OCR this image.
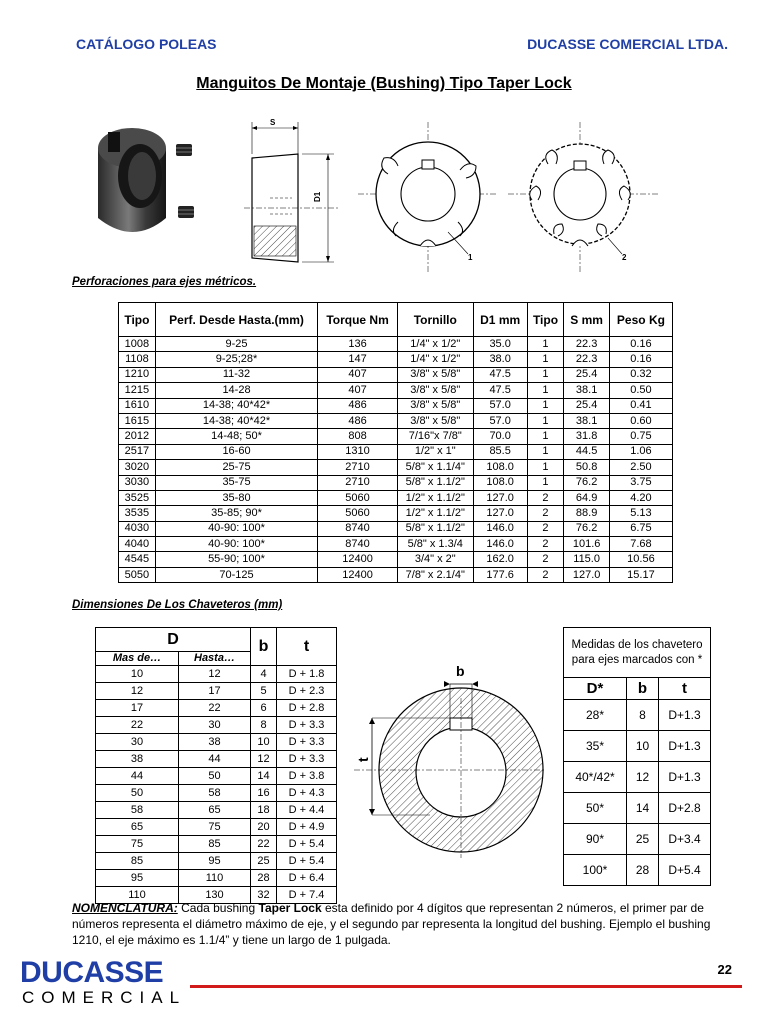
CATÁLOGO POLEAS	DUCASSE COMERCIAL LTDA.
Manguitos De Montaje (Bushing) Tipo Taper Lock
S
D1
1	2
Perforaciones para ejes métricos.
Tipo	Perf. Desde Hasta.(mm)	Torque Nm	Tornillo	D1 mm	Tipo	S mm	Peso Kg
1008	9-25	136	1/4" x 1/2"	35.0	1	22.3	0.16
1108	9-25;28*	147	1/4" x 1/2"	38.0	1	22.3	0.16
1210	11-32	407	3/8" x 5/8"	47.5	1	25.4	0.32
1215	14-28	407	3/8" x 5/8"	47.5	1	38.1	0.50
1610	14-38; 40*42*	486	3/8" x 5/8"	57.0	1	25.4	0.41
1615	14-38; 40*42*	486	3/8" x 5/8"	57.0	1	38.1	0.60
2012	14-48; 50*	808	7/16"x 7/8"	70.0	1	31.8	0.75
2517	16-60	1310	1/2" x 1"	85.5	1	44.5	1.06
3020	25-75	2710	5/8" x 1.1/4"	108.0	1	50.8	2.50
3030	35-75	2710	5/8" x 1.1/2"	108.0	1	76.2	3.75
3525	35-80	5060	1/2" x 1.1/2"	127.0	2	64.9	4.20
3535	35-85; 90*	5060	1/2" x 1.1/2"	127.0	2	88.9	5.13
4030	40-90: 100*	8740	5/8" x 1.1/2"	146.0	2	76.2	6.75
4040	40-90: 100*	8740	5/8" x 1.3/4	146.0	2	101.6	7.68
4545	55-90; 100*	12400	3/4" x 2"	162.0	2	115.0	10.56
5050	70-125	12400	7/8" x 2.1/4"	177.6	2	127.0	15.17
Dimensiones De Los Chaveteros (mm)
D		b	t
Mas de…	Hasta…		
10	12	4	D + 1.8
12	17	5	D + 2.3
17	22	6	D + 2.8
22	30	8	D + 3.3
30	38	10	D + 3.3
38	44	12	D + 3.3
44	50	14	D + 3.8
50	58	16	D + 4.3
58	65	18	D + 4.4
65	75	20	D + 4.9
75	85	22	D + 5.4
85	95	25	D + 5.4
95	110	28	D + 6.4
110	130	32	D + 7.4
b
t
Medidas de los chavetero para ejes marcados con *		
D*	b	t
28*	8	D+1.3
35*	10	D+1.3
40*/42*	12	D+1.3
50*	14	D+2.8
90*	25	D+3.4
100*	28	D+5.4
NOMENCLATURA: Cada bushing Taper Lock esta definido por 4 dígitos que representan 2 números, el primer par de números representa el diámetro máximo de eje, y el segundo par representa la longitud del bushing. Ejemplo el bushing 1210, el eje máximo es 1.1/4” y tiene un largo de 1 pulgada.
DUCASSE
COMERCIAL
22
